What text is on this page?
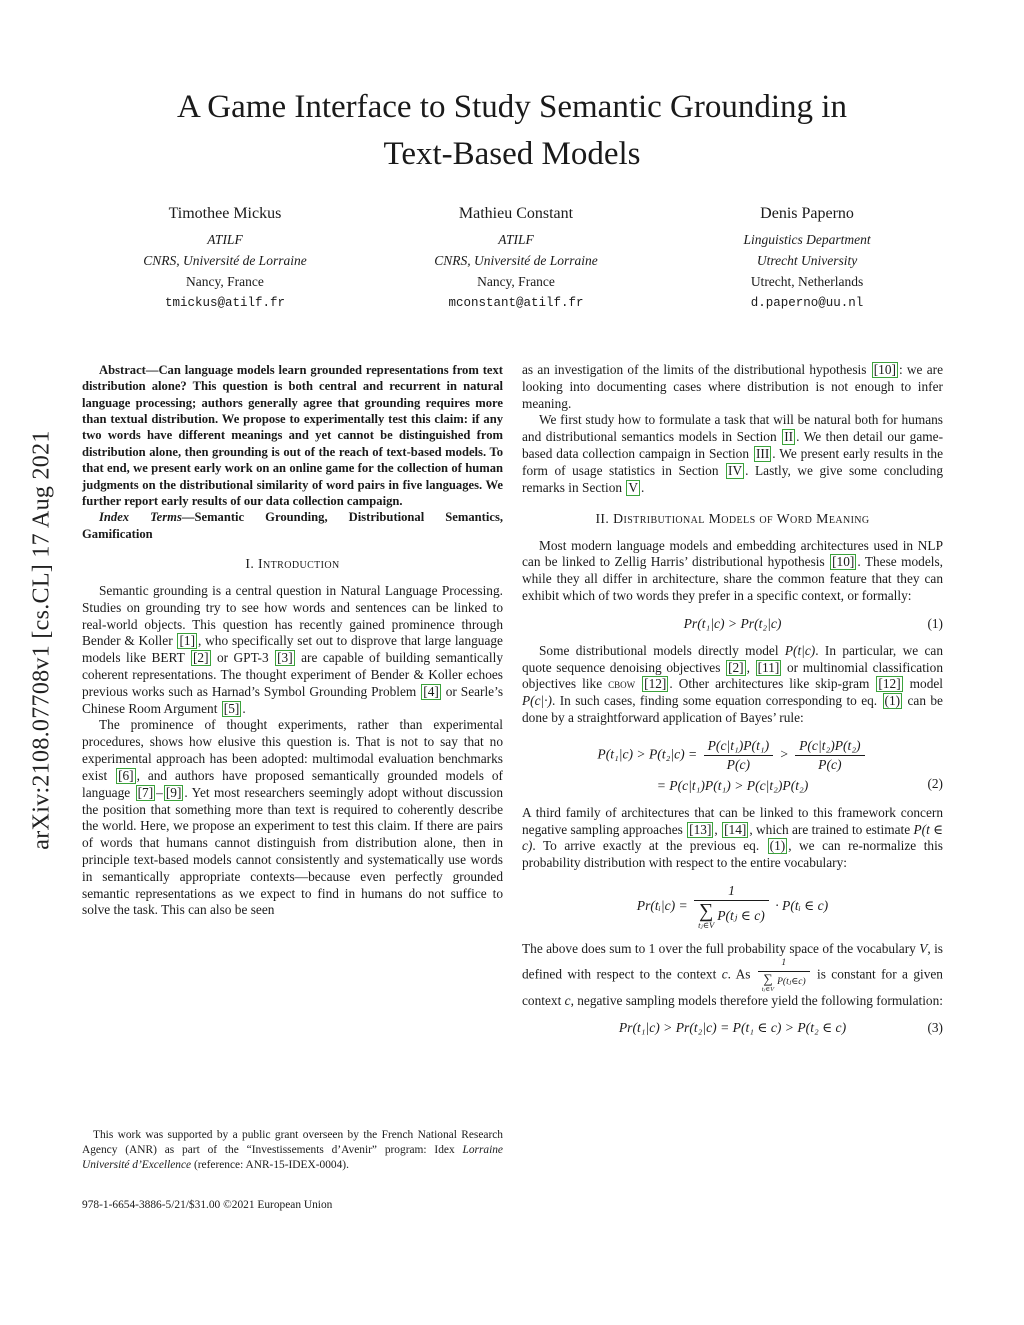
arXiv:2108.07708v1 [cs.CL] 17 Aug 2021
A Game Interface to Study Semantic Grounding in
Text-Based Models
Timothee Mickus
ATILF
CNRS, Université de Lorraine
Nancy, France
tmickus@atilf.fr
Mathieu Constant
ATILF
CNRS, Université de Lorraine
Nancy, France
mconstant@atilf.fr
Denis Paperno
Linguistics Department
Utrecht University
Utrecht, Netherlands
d.paperno@uu.nl

Abstract—Can language models learn grounded representations from text distribution alone? This question is both central and recurrent in natural language processing; authors generally agree that grounding requires more than textual distribution. We propose to experimentally test this claim: if any two words have different meanings and yet cannot be distinguished from distribution alone, then grounding is out of the reach of text-based models. To that end, we present early work on an online game for the collection of human judgments on the distributional similarity of word pairs in five languages. We further report early results of our data collection campaign.

Index Terms—Semantic Grounding, Distributional Semantics, Gamification

I. Introduction

Semantic grounding is a central question in Natural Language Processing. Studies on grounding try to see how words and sentences can be linked to real-world objects. This question has recently gained prominence through Bender & Koller [1] , who specifically set out to disprove that large language models like BERT [2] or GPT-3 [3] are capable of building semantically coherent representations. The thought experiment of Bender & Koller echoes previous works such as Harnad’s Symbol Grounding Problem [4] or Searle’s Chinese Room Argument [5] .

The prominence of thought experiments, rather than experimental procedures, shows how elusive this question is. That is not to say that no experimental approach has been adopted: multimodal evaluation benchmarks exist [6] , and authors have proposed semantically grounded models of language [7] – [9] . Yet most researchers seemingly adopt without discussion the position that something more than text is required to coherently describe the world. Here, we propose an experiment to test this claim. If there are pairs of words that humans cannot distinguish from distribution alone, then in principle text-based models cannot consistently and systematically use words in semantically appropriate contexts—because even perfectly grounded semantic representations as we expect to find in humans do not suffice to solve the task. This can also be seen

This work was supported by a public grant overseen by the French National Research Agency (ANR) as part of the “Investissements d’Avenir” program: Idex Lorraine Université d’Excellence (reference: ANR-15-IDEX-0004).
978-1-6654-3886-5/21/$31.00 ©2021 European Union

as an investigation of the limits of the distributional hypothesis [10] : we are looking into documenting cases where distribution is not enough to infer meaning.

We first study how to formulate a task that will be natural both for humans and distributional semantics models in Section II . We then detail our game-based data collection campaign in Section III . We present early results in the form of usage statistics in Section IV . Lastly, we give some concluding remarks in Section V .

II. Distributional Models of Word Meaning

Most modern language models and embedding architectures used in NLP can be linked to Zellig Harris’ distributional hypothesis [10] . These models, while they all differ in architecture, share the common feature that they can exhibit which of two words they prefer in a specific context, or formally:

Pr(t₁|c) > Pr(t₂|c)	(1)

Some distributional models directly model P(t|c). In particular, we can quote sequence denoising objectives [2] , [11] or multinomial classification objectives like cbow [12] . Other architectures like skip-gram [12] model P(c|·). In such cases, finding some equation corresponding to eq. (1) can be done by a straightforward application of Bayes’ rule:

$P(t_1|c) > P(t_2|c) = \frac{\text{P(c|t₁)P(t₁)}}{P(c)} > \frac{\text{P(c|t₂)P(t₂)}}{P(c)}$
= P(c|t₁)P(t₁) > P(c|t₂)P(t₂)	(2)

A third family of architectures that can be linked to this framework concern negative sampling approaches [13] , [14] , which are trained to estimate P(t ∈ c). To arrive exactly at the previous eq. (1) , we can re-normalize this probability distribution with respect to the entire vocabulary:

Pr(tᵢ|c) = 1
∑
tⱼ∈V
P(tⱼ ∈ c) · P(tᵢ ∈ c)

The above does sum to 1 over the full probability space of the vocabulary V, is defined with respect to the context c. As 1
∑
tⱼ∈V
P(tⱼ∈c) is constant for a given context c, negative sampling models therefore yield the following formulation:

Pr(t₁|c) > Pr(t₂|c) = P(t₁ ∈ c) > P(t₂ ∈ c)	(3)
